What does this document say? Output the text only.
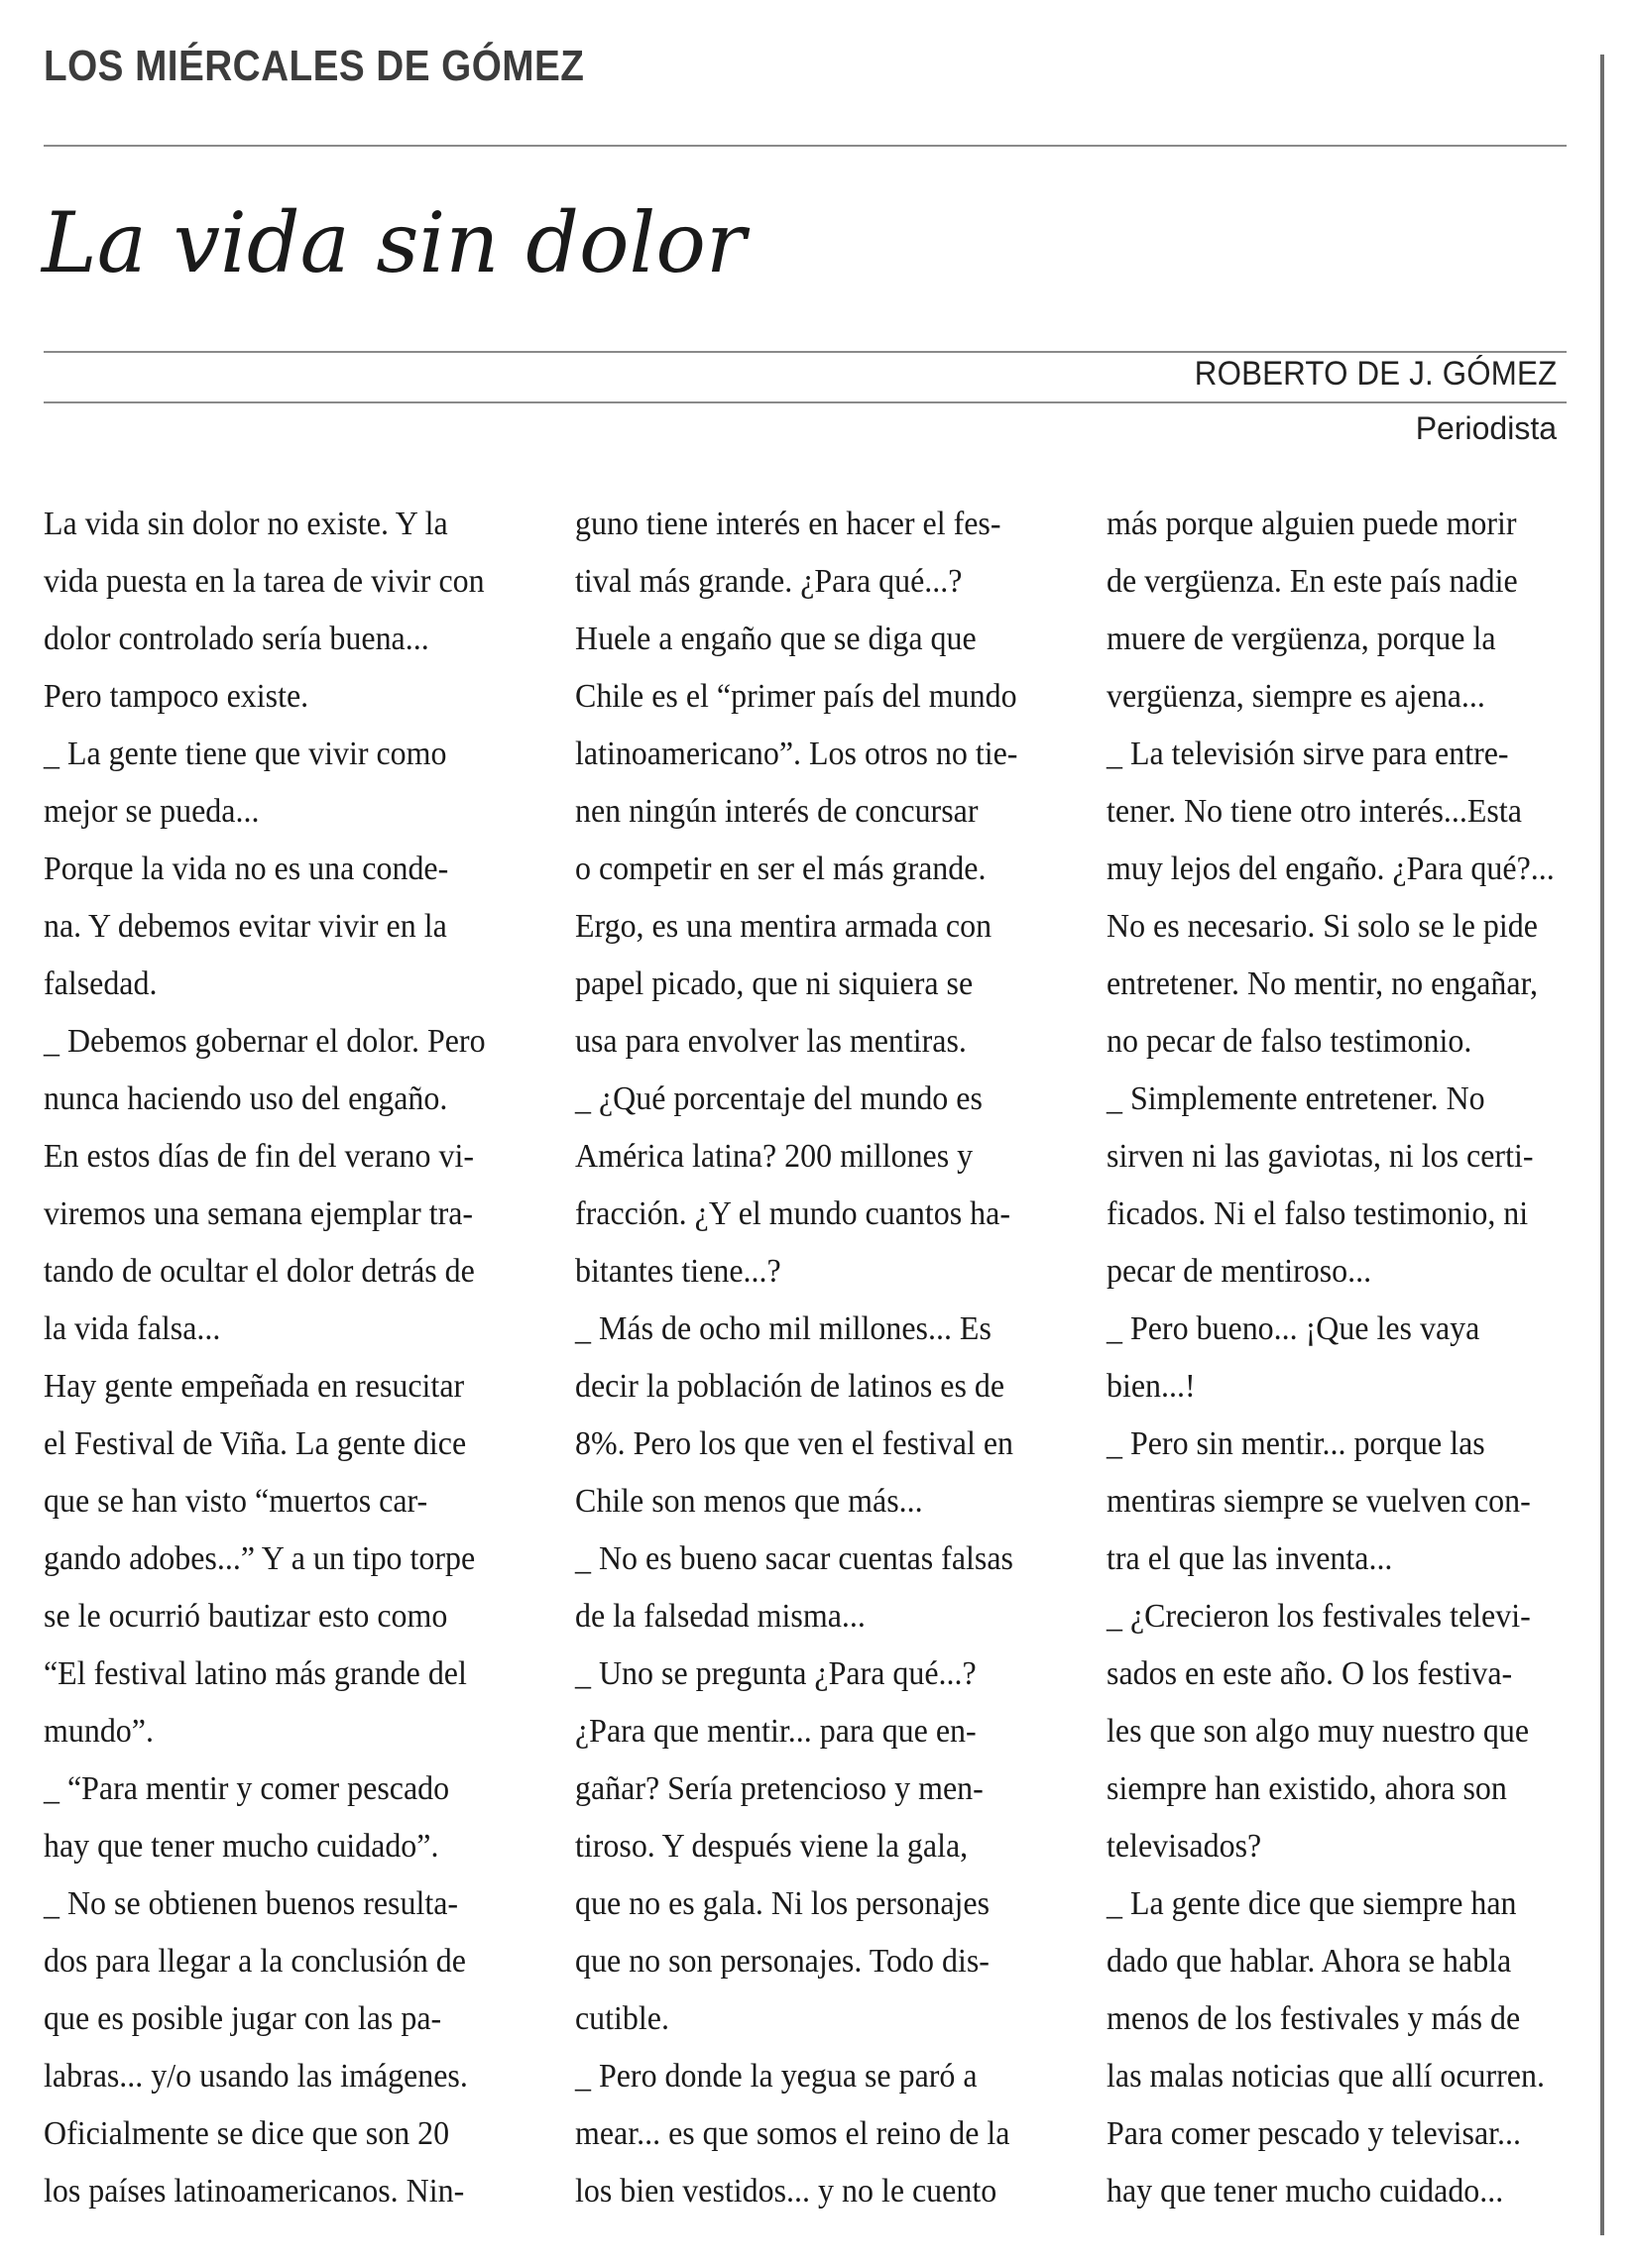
LOS MIÉRCALES DE GÓMEZ
La vida sin dolor
ROBERTO DE J. GÓMEZ
Periodista
La vida sin dolor no existe. Y la
vida puesta en la tarea de vivir con
dolor controlado sería buena...
Pero tampoco existe.
_ La gente tiene que vivir como
mejor se pueda...
Porque la vida no es una conde-
na. Y debemos evitar vivir en la
falsedad.
_ Debemos gobernar el dolor. Pero
nunca haciendo uso del engaño.
En estos días de fin del verano vi-
viremos una semana ejemplar tra-
tando de ocultar el dolor detrás de
la vida falsa...
Hay gente empeñada en resucitar
el Festival de Viña. La gente dice
que se han visto “muertos car-
gando adobes...” Y a un tipo torpe
se le ocurrió bautizar esto como
“El festival latino más grande del
mundo”.
_ “Para mentir y comer pescado
hay que tener mucho cuidado”.
_ No se obtienen buenos resulta-
dos para llegar a la conclusión de
que es posible jugar con las pa-
labras... y/o usando las imágenes.
Oficialmente se dice que son 20
los países latinoamericanos. Nin-
guno tiene interés en hacer el fes-
tival más grande. ¿Para qué...?
Huele a engaño que se diga que
Chile es el “primer país del mundo
latinoamericano”. Los otros no tie-
nen ningún interés de concursar
o competir en ser el más grande.
Ergo, es una mentira armada con
papel picado, que ni siquiera se
usa para envolver las mentiras.
_ ¿Qué porcentaje del mundo es
América latina? 200 millones y
fracción. ¿Y el mundo cuantos ha-
bitantes tiene...?
_ Más de ocho mil millones... Es
decir la población de latinos es de
8%. Pero los que ven el festival en
Chile son menos que más...
_ No es bueno sacar cuentas falsas
de la falsedad misma...
_ Uno se pregunta ¿Para qué...?
¿Para que mentir... para que en-
gañar? Sería pretencioso y men-
tiroso. Y después viene la gala,
que no es gala. Ni los personajes
que no son personajes. Todo dis-
cutible.
_ Pero donde la yegua se paró a
mear... es que somos el reino de la
los bien vestidos... y no le cuento
más porque alguien puede morir
de vergüenza. En este país nadie
muere de vergüenza, porque la
vergüenza, siempre es ajena...
_ La televisión sirve para entre-
tener. No tiene otro interés...Esta
muy lejos del engaño. ¿Para qué?...
No es necesario. Si solo se le pide
entretener. No mentir, no engañar,
no pecar de falso testimonio.
_ Simplemente entretener. No
sirven ni las gaviotas, ni los certi-
ficados. Ni el falso testimonio, ni
pecar de mentiroso...
_ Pero bueno... ¡Que les vaya
bien...!
_ Pero sin mentir... porque las
mentiras siempre se vuelven con-
tra el que las inventa...
_ ¿Crecieron los festivales televi-
sados en este año. O los festiva-
les que son algo muy nuestro que
siempre han existido, ahora son
televisados?
_ La gente dice que siempre han
dado que hablar. Ahora se habla
menos de los festivales y más de
las malas noticias que allí ocurren.
Para comer pescado y televisar...
hay que tener mucho cuidado...
